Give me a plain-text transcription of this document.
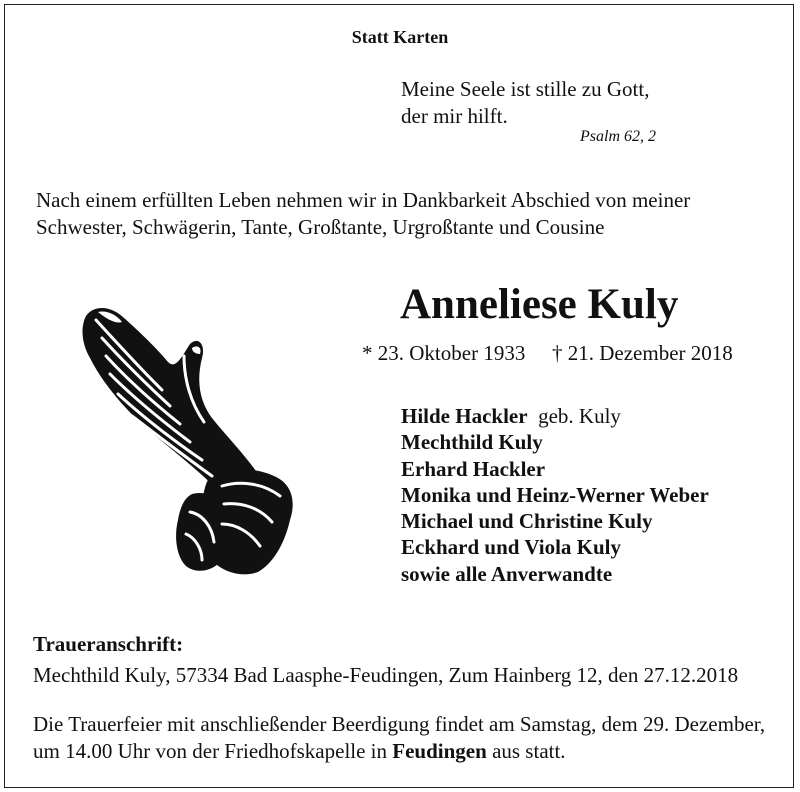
Statt Karten
Meine Seele ist stille zu Gott,
der mir hilft.
Psalm 62, 2
Nach einem erfüllten Leben nehmen wir in Dankbarkeit Abschied von meiner
Schwester, Schwägerin, Tante, Großtante, Urgroßtante und Cousine
Anneliese Kuly
* 23. Oktober 1933 † 21. Dezember 2018
Hilde Hackler geb. Kuly
Mechthild Kuly
Erhard Hackler
Monika und Heinz-Werner Weber
Michael und Christine Kuly
Eckhard und Viola Kuly
sowie alle Anverwandte
Traueranschrift:
Mechthild Kuly, 57334 Bad Laasphe-Feudingen, Zum Hainberg 12, den 27.12.2018
Die Trauerfeier mit anschließender Beerdigung findet am Samstag, dem 29. Dezember,
um 14.00 Uhr von der Friedhofskapelle in Feudingen aus statt.
